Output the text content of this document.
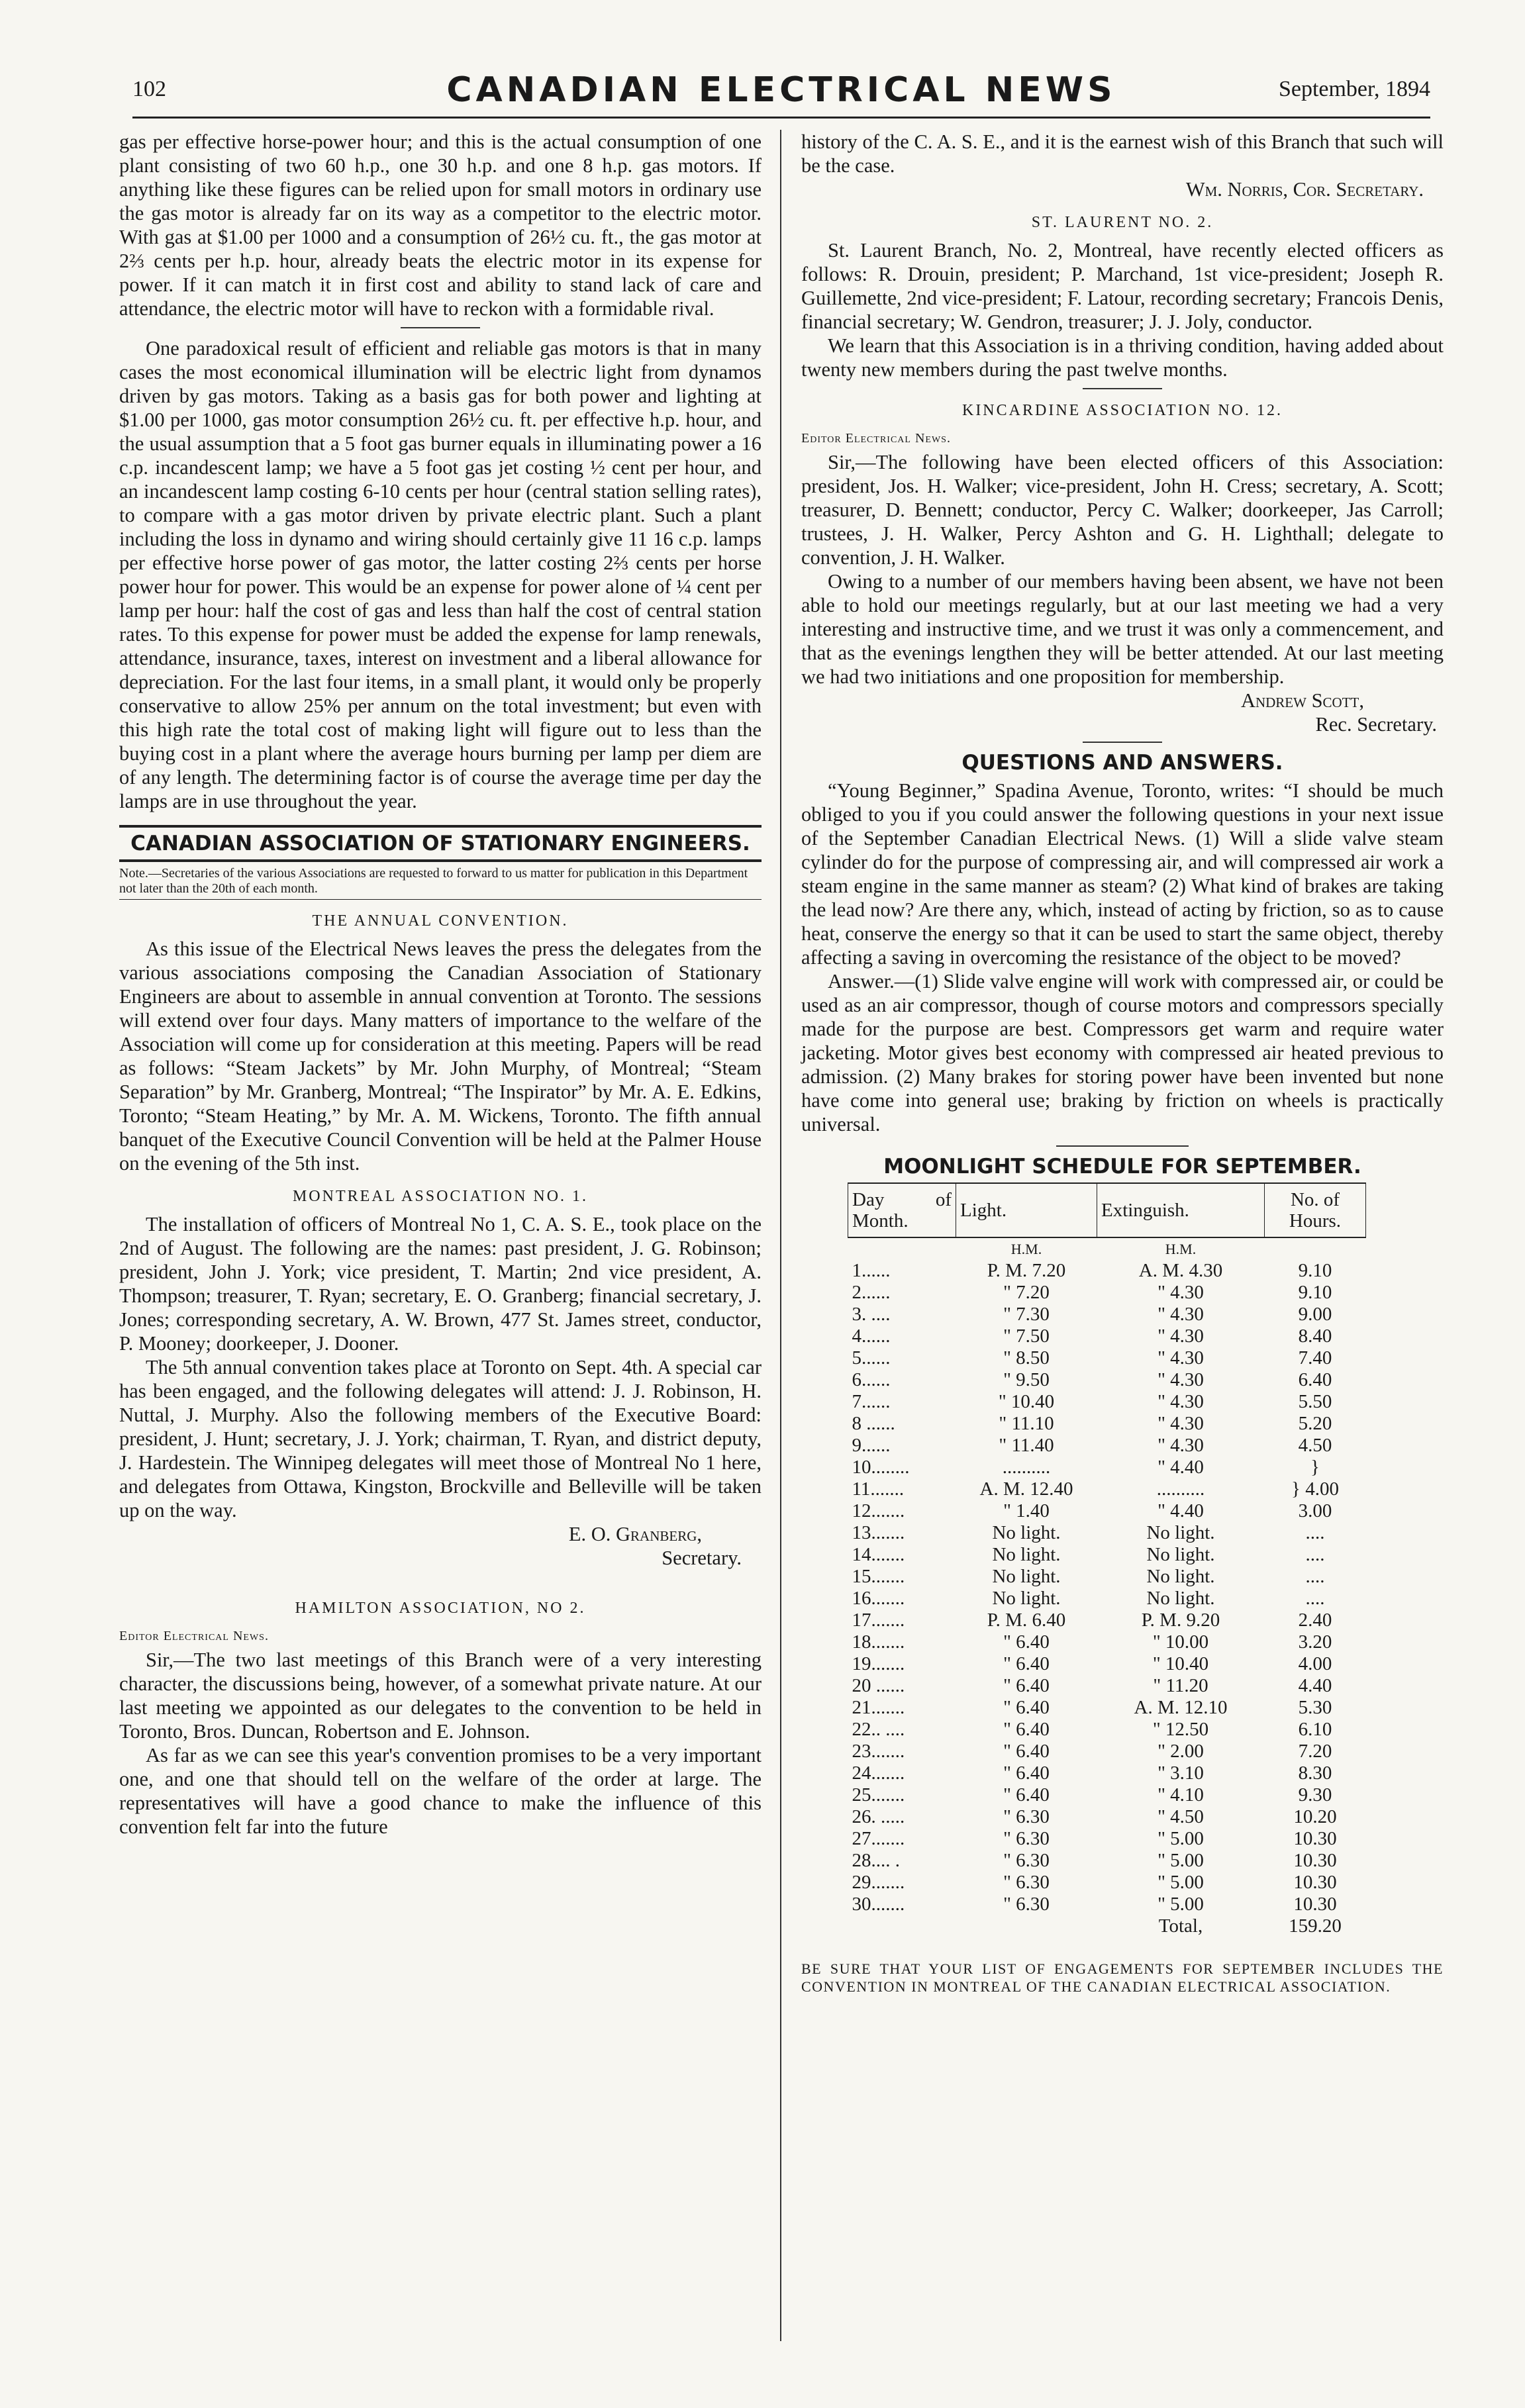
102	CANADIAN ELECTRICAL NEWS	September, 1894

gas per effective horse-power hour; and this is the actual consumption of one plant consisting of two 60 h.p., one 30 h.p. and one 8 h.p. gas motors. If anything like these figures can be relied upon for small motors in ordinary use the gas motor is already far on its way as a competitor to the electric motor. With gas at $1.00 per 1000 and a consumption of 26½ cu. ft., the gas motor at 2⅔ cents per h.p. hour, already beats the electric motor in its expense for power. If it can match it in first cost and ability to stand lack of care and attendance, the electric motor will have to reckon with a formidable rival.

One paradoxical result of efficient and reliable gas motors is that in many cases the most economical illumination will be electric light from dynamos driven by gas motors. Taking as a basis gas for both power and lighting at $1.00 per 1000, gas motor consumption 26½ cu. ft. per effective h.p. hour, and the usual assumption that a 5 foot gas burner equals in illuminating power a 16 c.p. incandescent lamp; we have a 5 foot gas jet costing ½ cent per hour, and an incandescent lamp costing 6-10 cents per hour (central station selling rates), to compare with a gas motor driven by private electric plant. Such a plant including the loss in dynamo and wiring should certainly give 11 16 c.p. lamps per effective horse power of gas motor, the latter costing 2⅔ cents per horse power hour for power. This would be an expense for power alone of ¼ cent per lamp per hour: half the cost of gas and less than half the cost of central station rates. To this expense for power must be added the expense for lamp renewals, attendance, insurance, taxes, interest on investment and a liberal allowance for depreciation. For the last four items, in a small plant, it would only be properly conservative to allow 25% per annum on the total investment; but even with this high rate the total cost of making light will figure out to less than the buying cost in a plant where the average hours burning per lamp per diem are of any length. The determining factor is of course the average time per day the lamps are in use throughout the year.

CANADIAN ASSOCIATION OF STATIONARY ENGINEERS.
Note.—Secretaries of the various Associations are requested to forward to us matter for publication in this Department not later than the 20th of each month.
THE ANNUAL CONVENTION.

As this issue of the Electrical News leaves the press the delegates from the various associations composing the Canadian Association of Stationary Engineers are about to assemble in annual convention at Toronto. The sessions will extend over four days. Many matters of importance to the welfare of the Association will come up for consideration at this meeting. Papers will be read as follows: “Steam Jackets” by Mr. John Murphy, of Montreal; “Steam Separation” by Mr. Granberg, Montreal; “The Inspirator” by Mr. A. E. Edkins, Toronto; “Steam Heating,” by Mr. A. M. Wickens, Toronto. The fifth annual banquet of the Executive Council Convention will be held at the Palmer House on the evening of the 5th inst.

MONTREAL ASSOCIATION NO. 1.

The installation of officers of Montreal No 1, C. A. S. E., took place on the 2nd of August. The following are the names: past president, J. G. Robinson; president, John J. York; vice president, T. Martin; 2nd vice president, A. Thompson; treasurer, T. Ryan; secretary, E. O. Granberg; financial secretary, J. Jones; corresponding secretary, A. W. Brown, 477 St. James street, conductor, P. Mooney; doorkeeper, J. Dooner.

The 5th annual convention takes place at Toronto on Sept. 4th. A special car has been engaged, and the following delegates will attend: J. J. Robinson, H. Nuttal, J. Murphy. Also the following members of the Executive Board: president, J. Hunt; secretary, J. J. York; chairman, T. Ryan, and district deputy, J. Hardestein. The Winnipeg delegates will meet those of Montreal No 1 here, and delegates from Ottawa, Kingston, Brockville and Belleville will be taken up on the way.

E. O. Granberg,
Secretary.
HAMILTON ASSOCIATION, NO 2.
Editor Electrical News.

Sir,—The two last meetings of this Branch were of a very interesting character, the discussions being, however, of a somewhat private nature. At our last meeting we appointed as our delegates to the convention to be held in Toronto, Bros. Duncan, Robertson and E. Johnson.

As far as we can see this year's convention promises to be a very important one, and one that should tell on the welfare of the order at large. The representatives will have a good chance to make the influence of this convention felt far into the future

history of the C. A. S. E., and it is the earnest wish of this Branch that such will be the case.

Wm. Norris, Cor. Secretary.
ST. LAURENT NO. 2.

St. Laurent Branch, No. 2, Montreal, have recently elected officers as follows: R. Drouin, president; P. Marchand, 1st vice-president; Joseph R. Guillemette, 2nd vice-president; F. Latour, recording secretary; Francois Denis, financial secretary; W. Gendron, treasurer; J. J. Joly, conductor.

We learn that this Association is in a thriving condition, having added about twenty new members during the past twelve months.

KINCARDINE ASSOCIATION NO. 12.
Editor Electrical News.

Sir,—The following have been elected officers of this Association: president, Jos. H. Walker; vice-president, John H. Cress; secretary, A. Scott; treasurer, D. Bennett; conductor, Percy C. Walker; doorkeeper, Jas Carroll; trustees, J. H. Walker, Percy Ashton and G. H. Lighthall; delegate to convention, J. H. Walker.

Owing to a number of our members having been absent, we have not been able to hold our meetings regularly, but at our last meeting we had a very interesting and instructive time, and we trust it was only a commencement, and that as the evenings lengthen they will be better attended. At our last meeting we had two initiations and one proposition for membership.

Andrew Scott,
Rec. Secretary.
QUESTIONS AND ANSWERS.

“Young Beginner,” Spadina Avenue, Toronto, writes: “I should be much obliged to you if you could answer the following questions in your next issue of the September Canadian Electrical News. (1) Will a slide valve steam cylinder do for the purpose of compressing air, and will compressed air work a steam engine in the same manner as steam? (2) What kind of brakes are taking the lead now? Are there any, which, instead of acting by friction, so as to cause heat, conserve the energy so that it can be used to start the same object, thereby affecting a saving in overcoming the resistance of the object to be moved?

Answer.—(1) Slide valve engine will work with compressed air, or could be used as an air compressor, though of course motors and compressors specially made for the purpose are best. Compressors get warm and require water jacketing. Motor gives best economy with compressed air heated previous to admission. (2) Many brakes for storing power have been invented but none have come into general use; braking by friction on wheels is practically universal.

MOONLIGHT SCHEDULE FOR SEPTEMBER.
Day of Month.	Light.	Extinguish.	No. of Hours.
	H.M.	H.M.	
1......	P. M. 7.20	A. M. 4.30	9.10
2......	" 7.20	" 4.30	9.10
3. ....	" 7.30	" 4.30	9.00
4......	" 7.50	" 4.30	8.40
5......	" 8.50	" 4.30	7.40
6......	" 9.50	" 4.30	6.40
7......	" 10.40	" 4.30	5.50
8 ......	" 11.10	" 4.30	5.20
9......	" 11.40	" 4.30	4.50
10........	..........	" 4.40	}
11.......	A. M. 12.40	..........	} 4.00
12.......	" 1.40	" 4.40	3.00
13.......	No light.	No light.	....
14.......	No light.	No light.	....
15.......	No light.	No light.	....
16.......	No light.	No light.	....
17.......	P. M. 6.40	P. M. 9.20	2.40
18.......	" 6.40	" 10.00	3.20
19.......	" 6.40	" 10.40	4.00
20 ......	" 6.40	" 11.20	4.40
21.......	" 6.40	A. M. 12.10	5.30
22.. ....	" 6.40	" 12.50	6.10
23.......	" 6.40	" 2.00	7.20
24.......	" 6.40	" 3.10	8.30
25.......	" 6.40	" 4.10	9.30
26. .....	" 6.30	" 4.50	10.20
27.......	" 6.30	" 5.00	10.30
28.... .	" 6.30	" 5.00	10.30
29.......	" 6.30	" 5.00	10.30
30.......	" 6.30	" 5.00	10.30
		Total,	159.20
BE SURE THAT YOUR LIST OF ENGAGEMENTS FOR SEPTEMBER INCLUDES THE CONVENTION IN MONTREAL OF THE CANADIAN ELECTRICAL ASSOCIATION.
